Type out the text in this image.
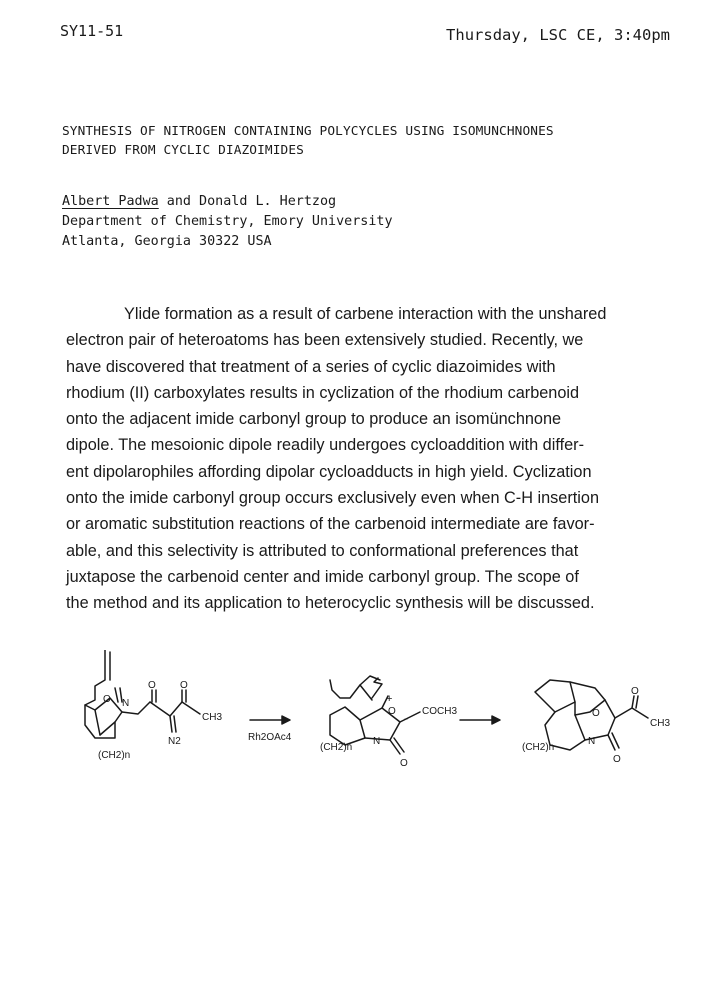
SY11-51	Thursday, LSC CE, 3:40pm
SYNTHESIS OF NITROGEN CONTAINING POLYCYCLES USING ISOMUNCHNONES
DERIVED FROM CYCLIC DIAZOIMIDES
Albert Padwa and Donald L. Hertzog
Department of Chemistry, Emory University
Atlanta, Georgia 30322 USA

Ylide formation as a result of carbene interaction with the unshared
electron pair of heteroatoms has been extensively studied. Recently, we
have discovered that treatment of a series of cyclic diazoimides with
rhodium (II) carboxylates results in cyclization of the rhodium carbenoid
onto the adjacent imide carbonyl group to produce an isomünchnone
dipole. The mesoionic dipole readily undergoes cycloaddition with differ-
ent dipolarophiles affording dipolar cycloadducts in high yield. Cyclization
onto the imide carbonyl group occurs exclusively even when C-H insertion
or aromatic substitution reactions of the carbenoid intermediate are favor-
able, and this selectivity is attributed to conformational preferences that
juxtapose the carbenoid center and imide carbonyl group. The scope of
the method and its application to heterocyclic synthesis will be discussed.

O N
O
N2
O
CH3
(CH2)n
Rh2OAc4
+
O - COCH3
N
O
(CH2)n
O
N
O
O
CH3
(CH2)n
